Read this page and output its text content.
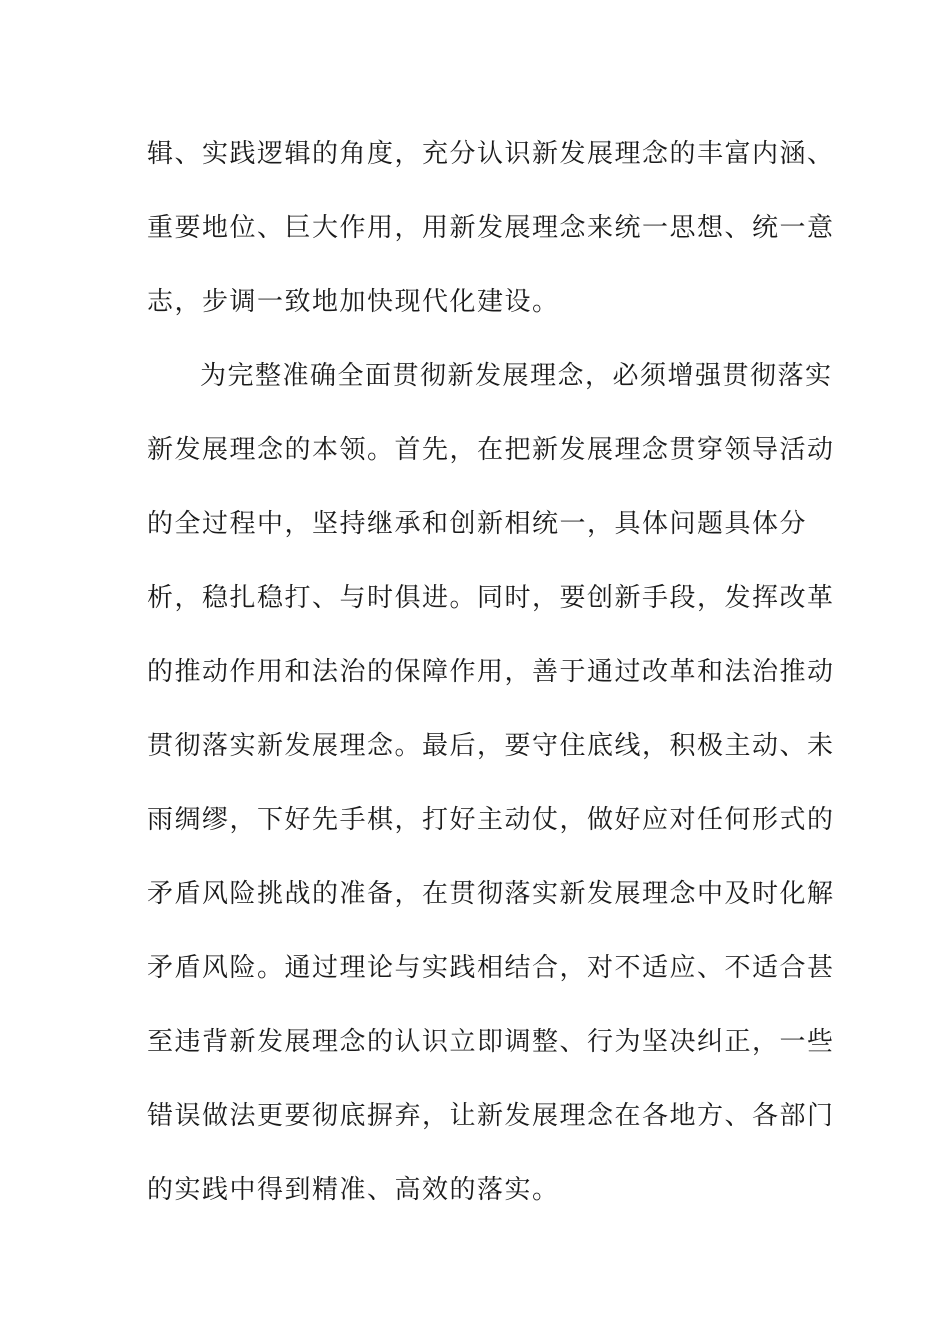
辑、实践逻辑的角度，充分认识新发展理念的丰富内涵、
重要地位、巨大作用，用新发展理念来统一思想、统一意
志，步调一致地加快现代化建设。
为完整准确全面贯彻新发展理念，必须增强贯彻落实
新发展理念的本领。首先，在把新发展理念贯穿领导活动
的全过程中，坚持继承和创新相统一，具体问题具体分
析，稳扎稳打、与时俱进。同时，要创新手段，发挥改革
的推动作用和法治的保障作用，善于通过改革和法治推动
贯彻落实新发展理念。最后，要守住底线，积极主动、未
雨绸缪，下好先手棋，打好主动仗，做好应对任何形式的
矛盾风险挑战的准备，在贯彻落实新发展理念中及时化解
矛盾风险。通过理论与实践相结合，对不适应、不适合甚
至违背新发展理念的认识立即调整、行为坚决纠正，一些
错误做法更要彻底摒弃，让新发展理念在各地方、各部门
的实践中得到精准、高效的落实。
